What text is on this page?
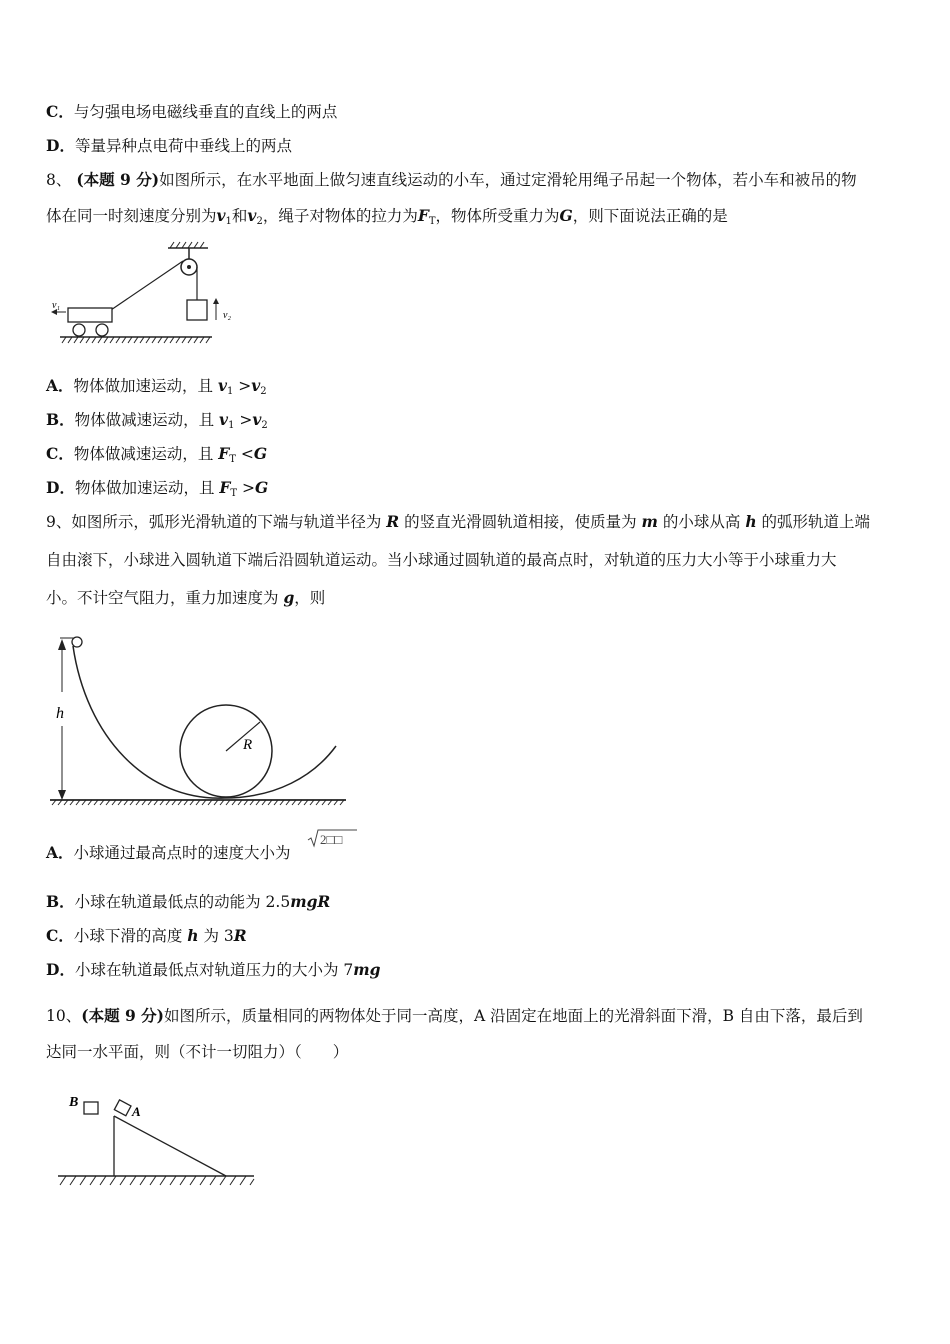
C．与匀强电场电磁线垂直的直线上的两点
D．等量异种点电荷中垂线上的两点
8、 (本题 9 分)如图所示，在水平地面上做匀速直线运动的小车，通过定滑轮用绳子吊起一个物体，若小车和被吊的物
体在同一时刻速度分别为$v_1$和$v_2$，绳子对物体的拉力为$F_T$，物体所受重力为G，则下面说法正确的是
v₂
v₁
A．物体做加速运动，且 $v_1 >v_2$
B．物体做减速运动，且 $v_1 >v_2$
C．物体做减速运动，且 $F_T <G$
D．物体做加速运动，且 $F_T >G$
9、如图所示，弧形光滑轨道的下端与轨道半径为 R 的竖直光滑圆轨道相接，使质量为 m 的小球从高 h 的弧形轨道上端
自由滚下，小球进入圆轨道下端后沿圆轨道运动。当小球通过圆轨道的最高点时，对轨道的压力大小等于小球重力大
小。不计空气阻力，重力加速度为 g，则
h
R
A．小球通过最高点时的速度大小为
2□□
B．小球在轨道最低点的动能为 2.5mgR
C．小球下滑的高度 h 为 3R
D．小球在轨道最低点对轨道压力的大小为 7mg
10、(本题 9 分)如图所示，质量相同的两物体处于同一高度，A 沿固定在地面上的光滑斜面下滑，B 自由下落，最后到
达同一水平面，则（不计一切阻力）（　　）
B
A
